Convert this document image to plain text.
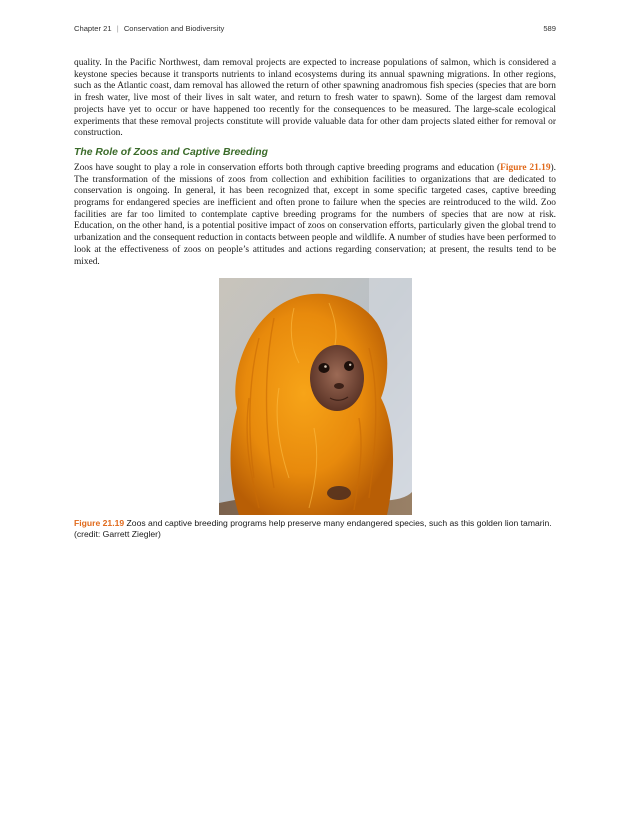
Chapter 21 | Conservation and Biodiversity	589

quality. In the Pacific Northwest, dam removal projects are expected to increase populations of salmon, which is considered a keystone species because it transports nutrients to inland ecosystems during its annual spawning migrations. In other regions, such as the Atlantic coast, dam removal has allowed the return of other spawning anadromous fish species (species that are born in fresh water, live most of their lives in salt water, and return to fresh water to spawn). Some of the largest dam removal projects have yet to occur or have happened too recently for the consequences to be measured. The large-scale ecological experiments that these removal projects constitute will provide valuable data for other dam projects slated either for removal or construction.

The Role of Zoos and Captive Breeding

Zoos have sought to play a role in conservation efforts both through captive breeding programs and education (Figure 21.19). The transformation of the missions of zoos from collection and exhibition facilities to organizations that are dedicated to conservation is ongoing. In general, it has been recognized that, except in some specific targeted cases, captive breeding programs for endangered species are inefficient and often prone to failure when the species are reintroduced to the wild. Zoo facilities are far too limited to contemplate captive breeding programs for the numbers of species that are now at risk. Education, on the other hand, is a potential positive impact of zoos on conservation efforts, particularly given the global trend to urbanization and the consequent reduction in contacts between people and wildlife. A number of studies have been performed to look at the effectiveness of zoos on people’s attitudes and actions regarding conservation; at present, the results tend to be mixed.

Figure 21.19 Zoos and captive breeding programs help preserve many endangered species, such as this golden lion tamarin. (credit: Garrett Ziegler)
